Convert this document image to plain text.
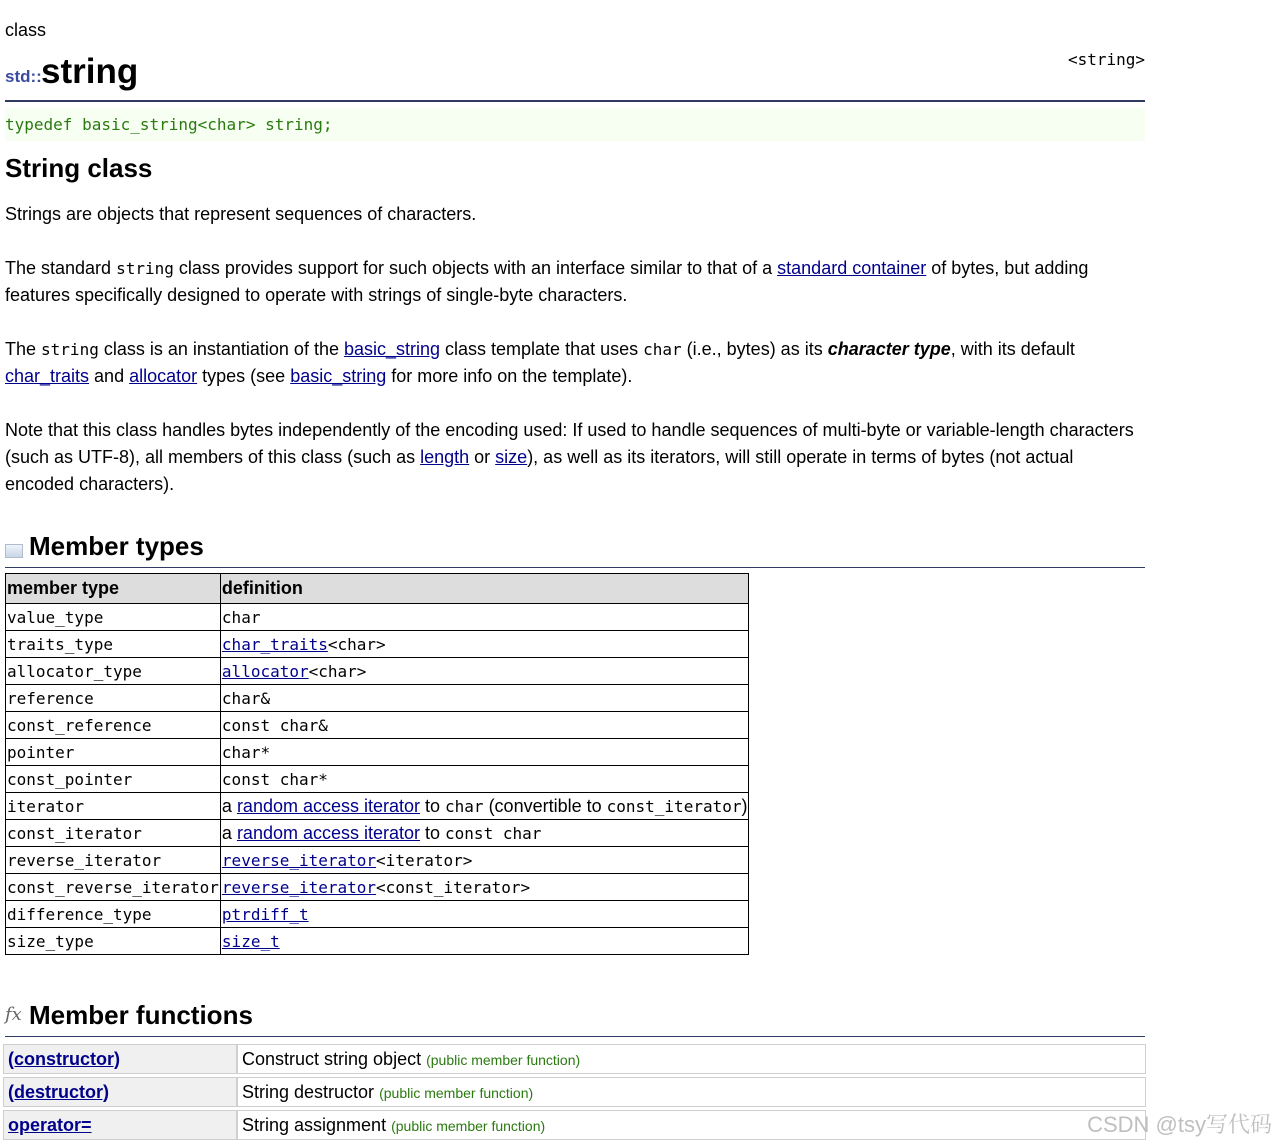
class
std:: string	<string>
typedef basic_string<char> string;
String class

Strings are objects that represent sequences of characters.

The standard string class provides support for such objects with an interface similar to that of a standard container of bytes, but adding features specifically designed to operate with strings of single-byte characters.

The string class is an instantiation of the basic_string class template that uses char (i.e., bytes) as its character type, with its default char_traits and allocator types (see basic_string for more info on the template).

Note that this class handles bytes independently of the encoding used: If used to handle sequences of multi-byte or variable-length characters (such as UTF-8), all members of this class (such as length or size), as well as its iterators, will still operate in terms of bytes (not actual encoded characters).

Member types
member type	definition
value_type	char
traits_type	char_traits<char>
allocator_type	allocator<char>
reference	char&
const_reference	const char&
pointer	char*
const_pointer	const char*
iterator	a random access iterator to char (convertible to const_iterator)
const_iterator	a random access iterator to const char
reverse_iterator	reverse_iterator<iterator>
const_reverse_iterator	reverse_iterator<const_iterator>
difference_type	ptrdiff_t
size_type	size_t
fx Member functions
(constructor)	Construct string object (public member function)
(destructor)	String destructor (public member function)
operator=	String assignment (public member function)	CSDN @tsy写代码
